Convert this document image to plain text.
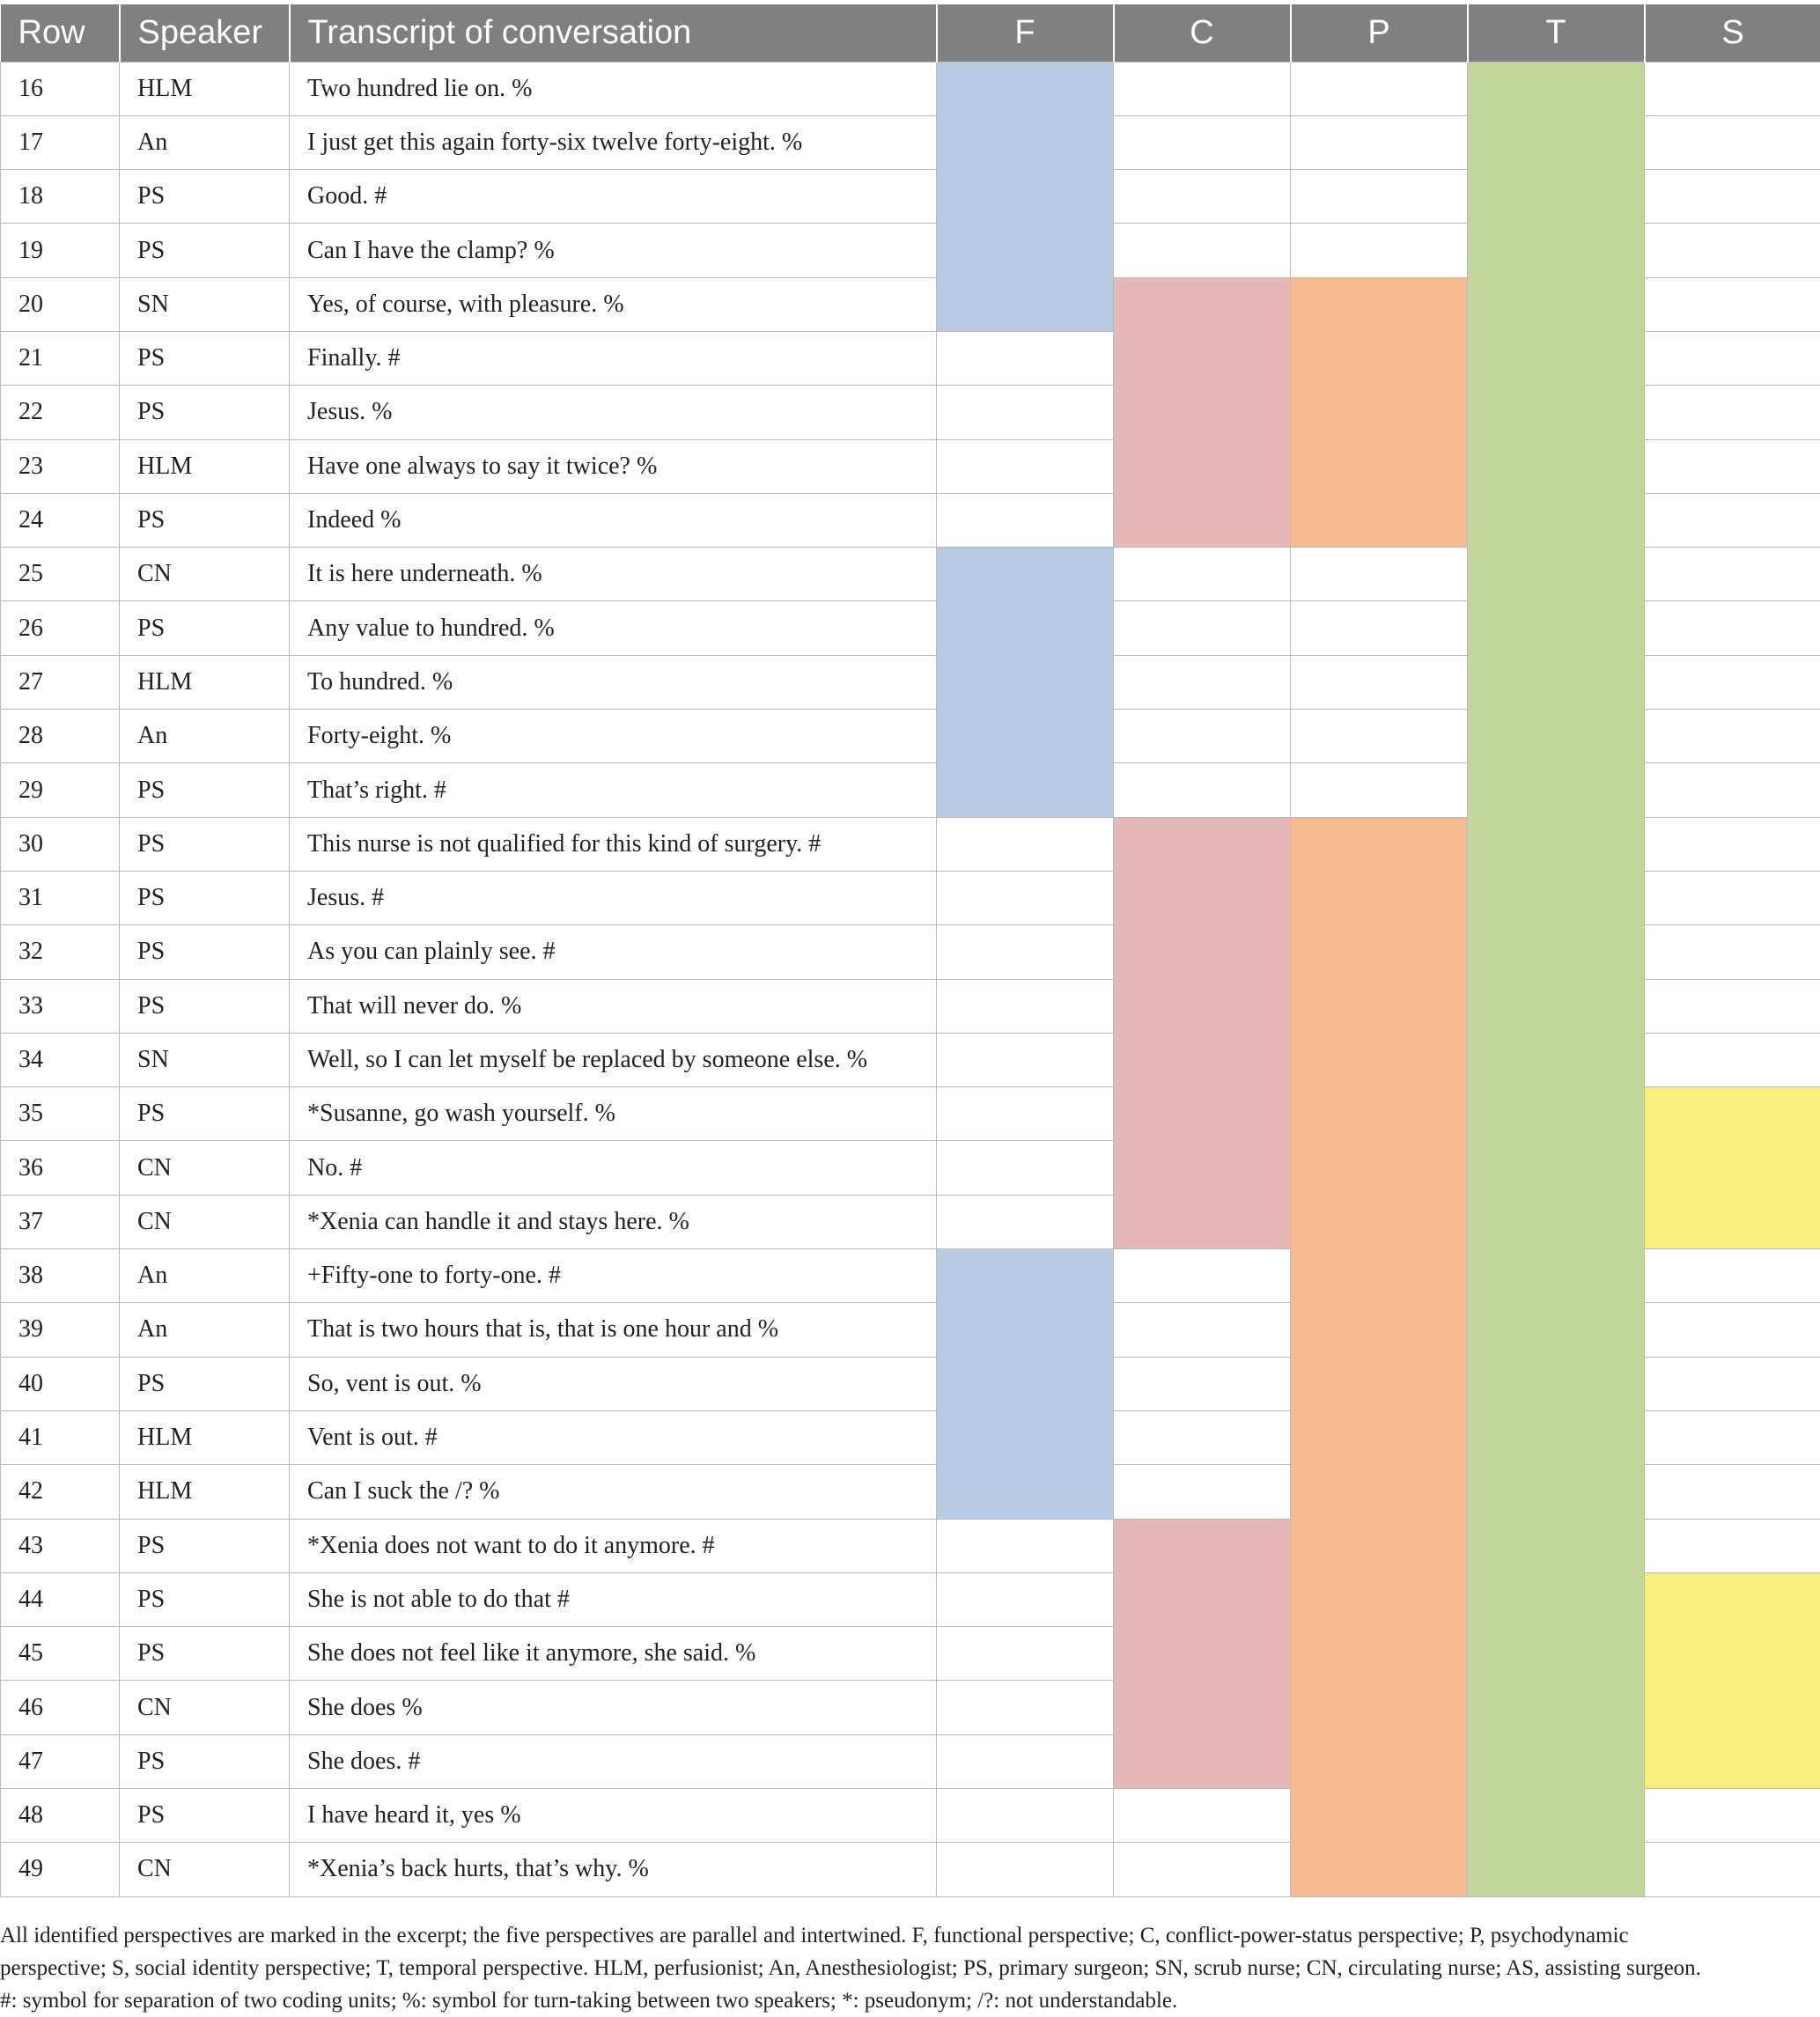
Row	Speaker	Transcript of conversation	F	C	P	T	S
16	HLM	Two hundred lie on. %					
17	An	I just get this again forty-six twelve forty-eight. %					
18	PS	Good. #					
19	PS	Can I have the clamp? %					
20	SN	Yes, of course, with pleasure. %					
21	PS	Finally. #					
22	PS	Jesus. %					
23	HLM	Have one always to say it twice? %					
24	PS	Indeed %					
25	CN	It is here underneath. %					
26	PS	Any value to hundred. %					
27	HLM	To hundred. %					
28	An	Forty-eight. %					
29	PS	That’s right. #					
30	PS	This nurse is not qualified for this kind of surgery. #					
31	PS	Jesus. #					
32	PS	As you can plainly see. #					
33	PS	That will never do. %					
34	SN	Well, so I can let myself be replaced by someone else. %					
35	PS	*Susanne, go wash yourself. %					
36	CN	No. #					
37	CN	*Xenia can handle it and stays here. %					
38	An	+Fifty-one to forty-one. #					
39	An	That is two hours that is, that is one hour and %					
40	PS	So, vent is out. %					
41	HLM	Vent is out. #					
42	HLM	Can I suck the /? %					
43	PS	*Xenia does not want to do it anymore. #					
44	PS	She is not able to do that #					
45	PS	She does not feel like it anymore, she said. %					
46	CN	She does %					
47	PS	She does. #					
48	PS	I have heard it, yes %					
49	CN	*Xenia’s back hurts, that’s why. %					

All identified perspectives are marked in the excerpt; the five perspectives are parallel and intertwined. F, functional perspective; C, conflict-power-status perspective; P, psychodynamic

perspective; S, social identity perspective; T, temporal perspective. HLM, perfusionist; An, Anesthesiologist; PS, primary surgeon; SN, scrub nurse; CN, circulating nurse; AS, assisting surgeon.

#: symbol for separation of two coding units; %: symbol for turn-taking between two speakers; *: pseudonym; /?: not understandable.
